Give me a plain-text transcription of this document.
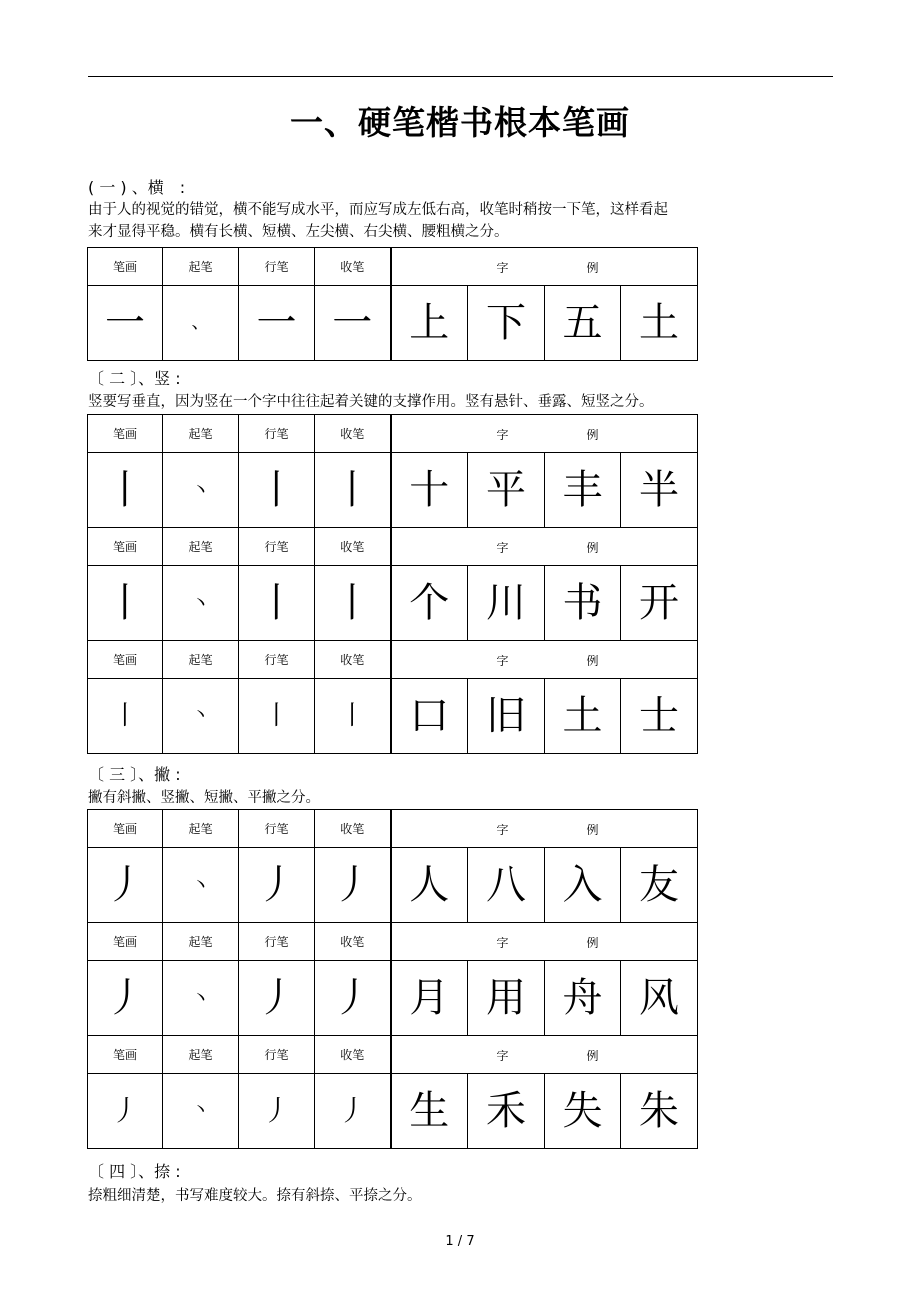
一、硬笔楷书根本笔画
( 一 ) 、横　:
由于人的视觉的错觉，横不能写成水平，而应写成左低右高，收笔时稍按一下笔，这样看起
来才显得平稳。横有长横、短横、左尖横、右尖横、腰粗横之分。
笔画	起笔	行笔	收笔	字 例			

一	、	一	一	上	下	五	土
〔 二 〕、竖 :
竖要写垂直，因为竖在一个字中往往起着关键的支撑作用。竖有悬针、垂露、短竖之分。
笔画	起笔	行笔	收笔	字 例			

丨	丶	丨	丨	十	平	丰	半
笔画	起笔	行笔	收笔	字 例			

丨	丶	丨	丨	个	川	书	开
笔画	起笔	行笔	收笔	字 例			

丨	丶	丨	丨	口	旧	土	士
〔 三 〕、撇 :
撇有斜撇、竖撇、短撇、平撇之分。
笔画	起笔	行笔	收笔	字 例			

丿	丶	丿	丿	人	八	入	友
笔画	起笔	行笔	收笔	字 例			

丿	丶	丿	丿	月	用	舟	风
笔画	起笔	行笔	收笔	字 例			

丿	丶	丿	丿	生	禾	失	朱
〔 四 〕、捺 :
捺粗细清楚，书写难度较大。捺有斜捺、平捺之分。
1 / 7
